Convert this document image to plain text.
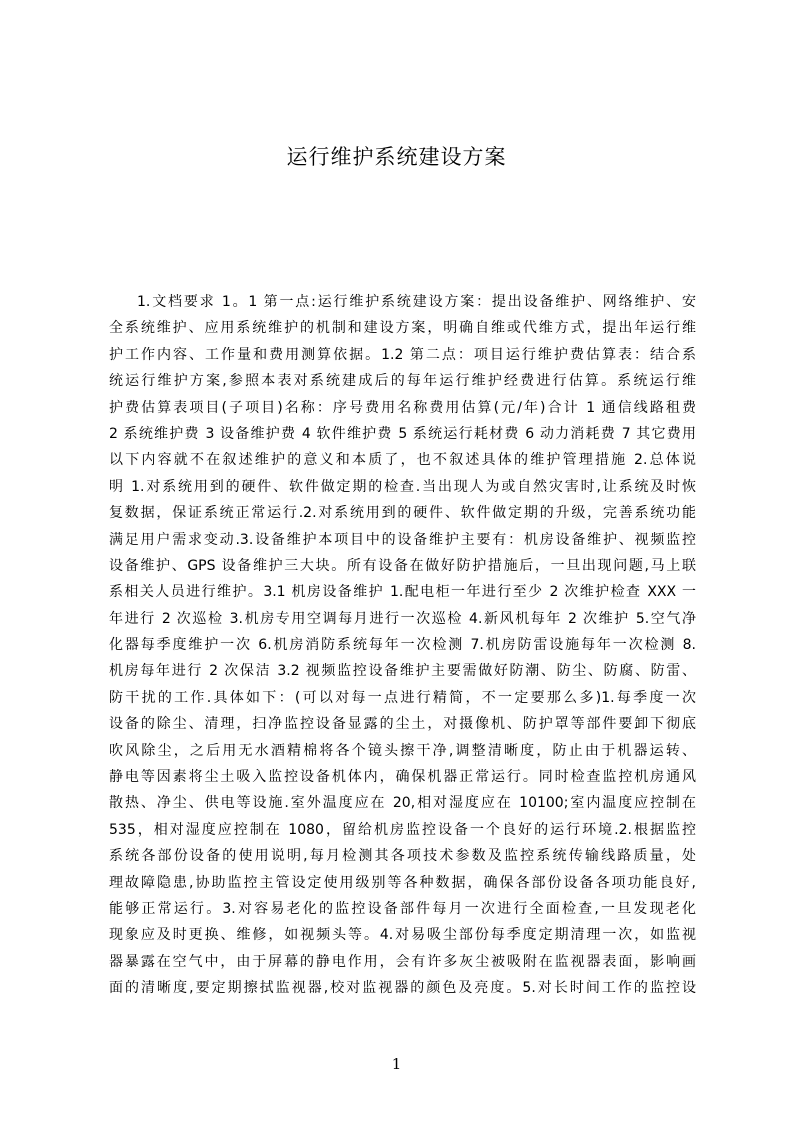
运行维护系统建设方案
1.文档要求 1。1 第一点:运行维护系统建设方案：提出设备维护、网络维护、安
全系统维护、应用系统维护的机制和建设方案，明确自维或代维方式，提出年运行维
护工作内容、工作量和费用测算依据。1.2 第二点：项目运行维护费估算表：结合系
统运行维护方案,参照本表对系统建成后的每年运行维护经费进行估算。系统运行维
护费估算表项目(子项目)名称：序号费用名称费用估算(元/年)合计 1 通信线路租费
2 系统维护费 3 设备维护费 4 软件维护费 5 系统运行耗材费 6 动力消耗费 7 其它费用
以下内容就不在叙述维护的意义和本质了，也不叙述具体的维护管理措施 2.总体说
明 1.对系统用到的硬件、软件做定期的检查.当出现人为或自然灾害时,让系统及时恢
复数据，保证系统正常运行.2.对系统用到的硬件、软件做定期的升级，完善系统功能
满足用户需求变动.3.设备维护本项目中的设备维护主要有：机房设备维护、视频监控
设备维护、GPS 设备维护三大块。所有设备在做好防护措施后，一旦出现问题,马上联
系相关人员进行维护。3.1 机房设备维护 1.配电柜一年进行至少 2 次维护检查 XXX 一
年进行 2 次巡检 3.机房专用空调每月进行一次巡检 4.新风机每年 2 次维护 5.空气净
化器每季度维护一次 6.机房消防系统每年一次检测 7.机房防雷设施每年一次检测 8.
机房每年进行 2 次保洁 3.2 视频监控设备维护主要需做好防潮、防尘、防腐、防雷、
防干扰的工作.具体如下：(可以对每一点进行精简，不一定要那么多)1.每季度一次
设备的除尘、清理，扫净监控设备显露的尘土，对摄像机、防护罩等部件要卸下彻底
吹风除尘，之后用无水酒精棉将各个镜头擦干净,调整清晰度，防止由于机器运转、
静电等因素将尘土吸入监控设备机体内，确保机器正常运行。同时检查监控机房通风
散热、净尘、供电等设施.室外温度应在 20,相对湿度应在 10100;室内温度应控制在
535，相对湿度应控制在 1080，留给机房监控设备一个良好的运行环境.2.根据监控
系统各部份设备的使用说明,每月检测其各项技术参数及监控系统传输线路质量，处
理故障隐患,协助监控主管设定使用级别等各种数据，确保各部份设备各项功能良好,
能够正常运行。3.对容易老化的监控设备部件每月一次进行全面检查,一旦发现老化
现象应及时更换、维修，如视频头等。4.对易吸尘部份每季度定期清理一次，如监视
器暴露在空气中，由于屏幕的静电作用，会有许多灰尘被吸附在监视器表面，影响画
面的清晰度,要定期擦拭监视器,校对监视器的颜色及亮度。5.对长时间工作的监控设
1
